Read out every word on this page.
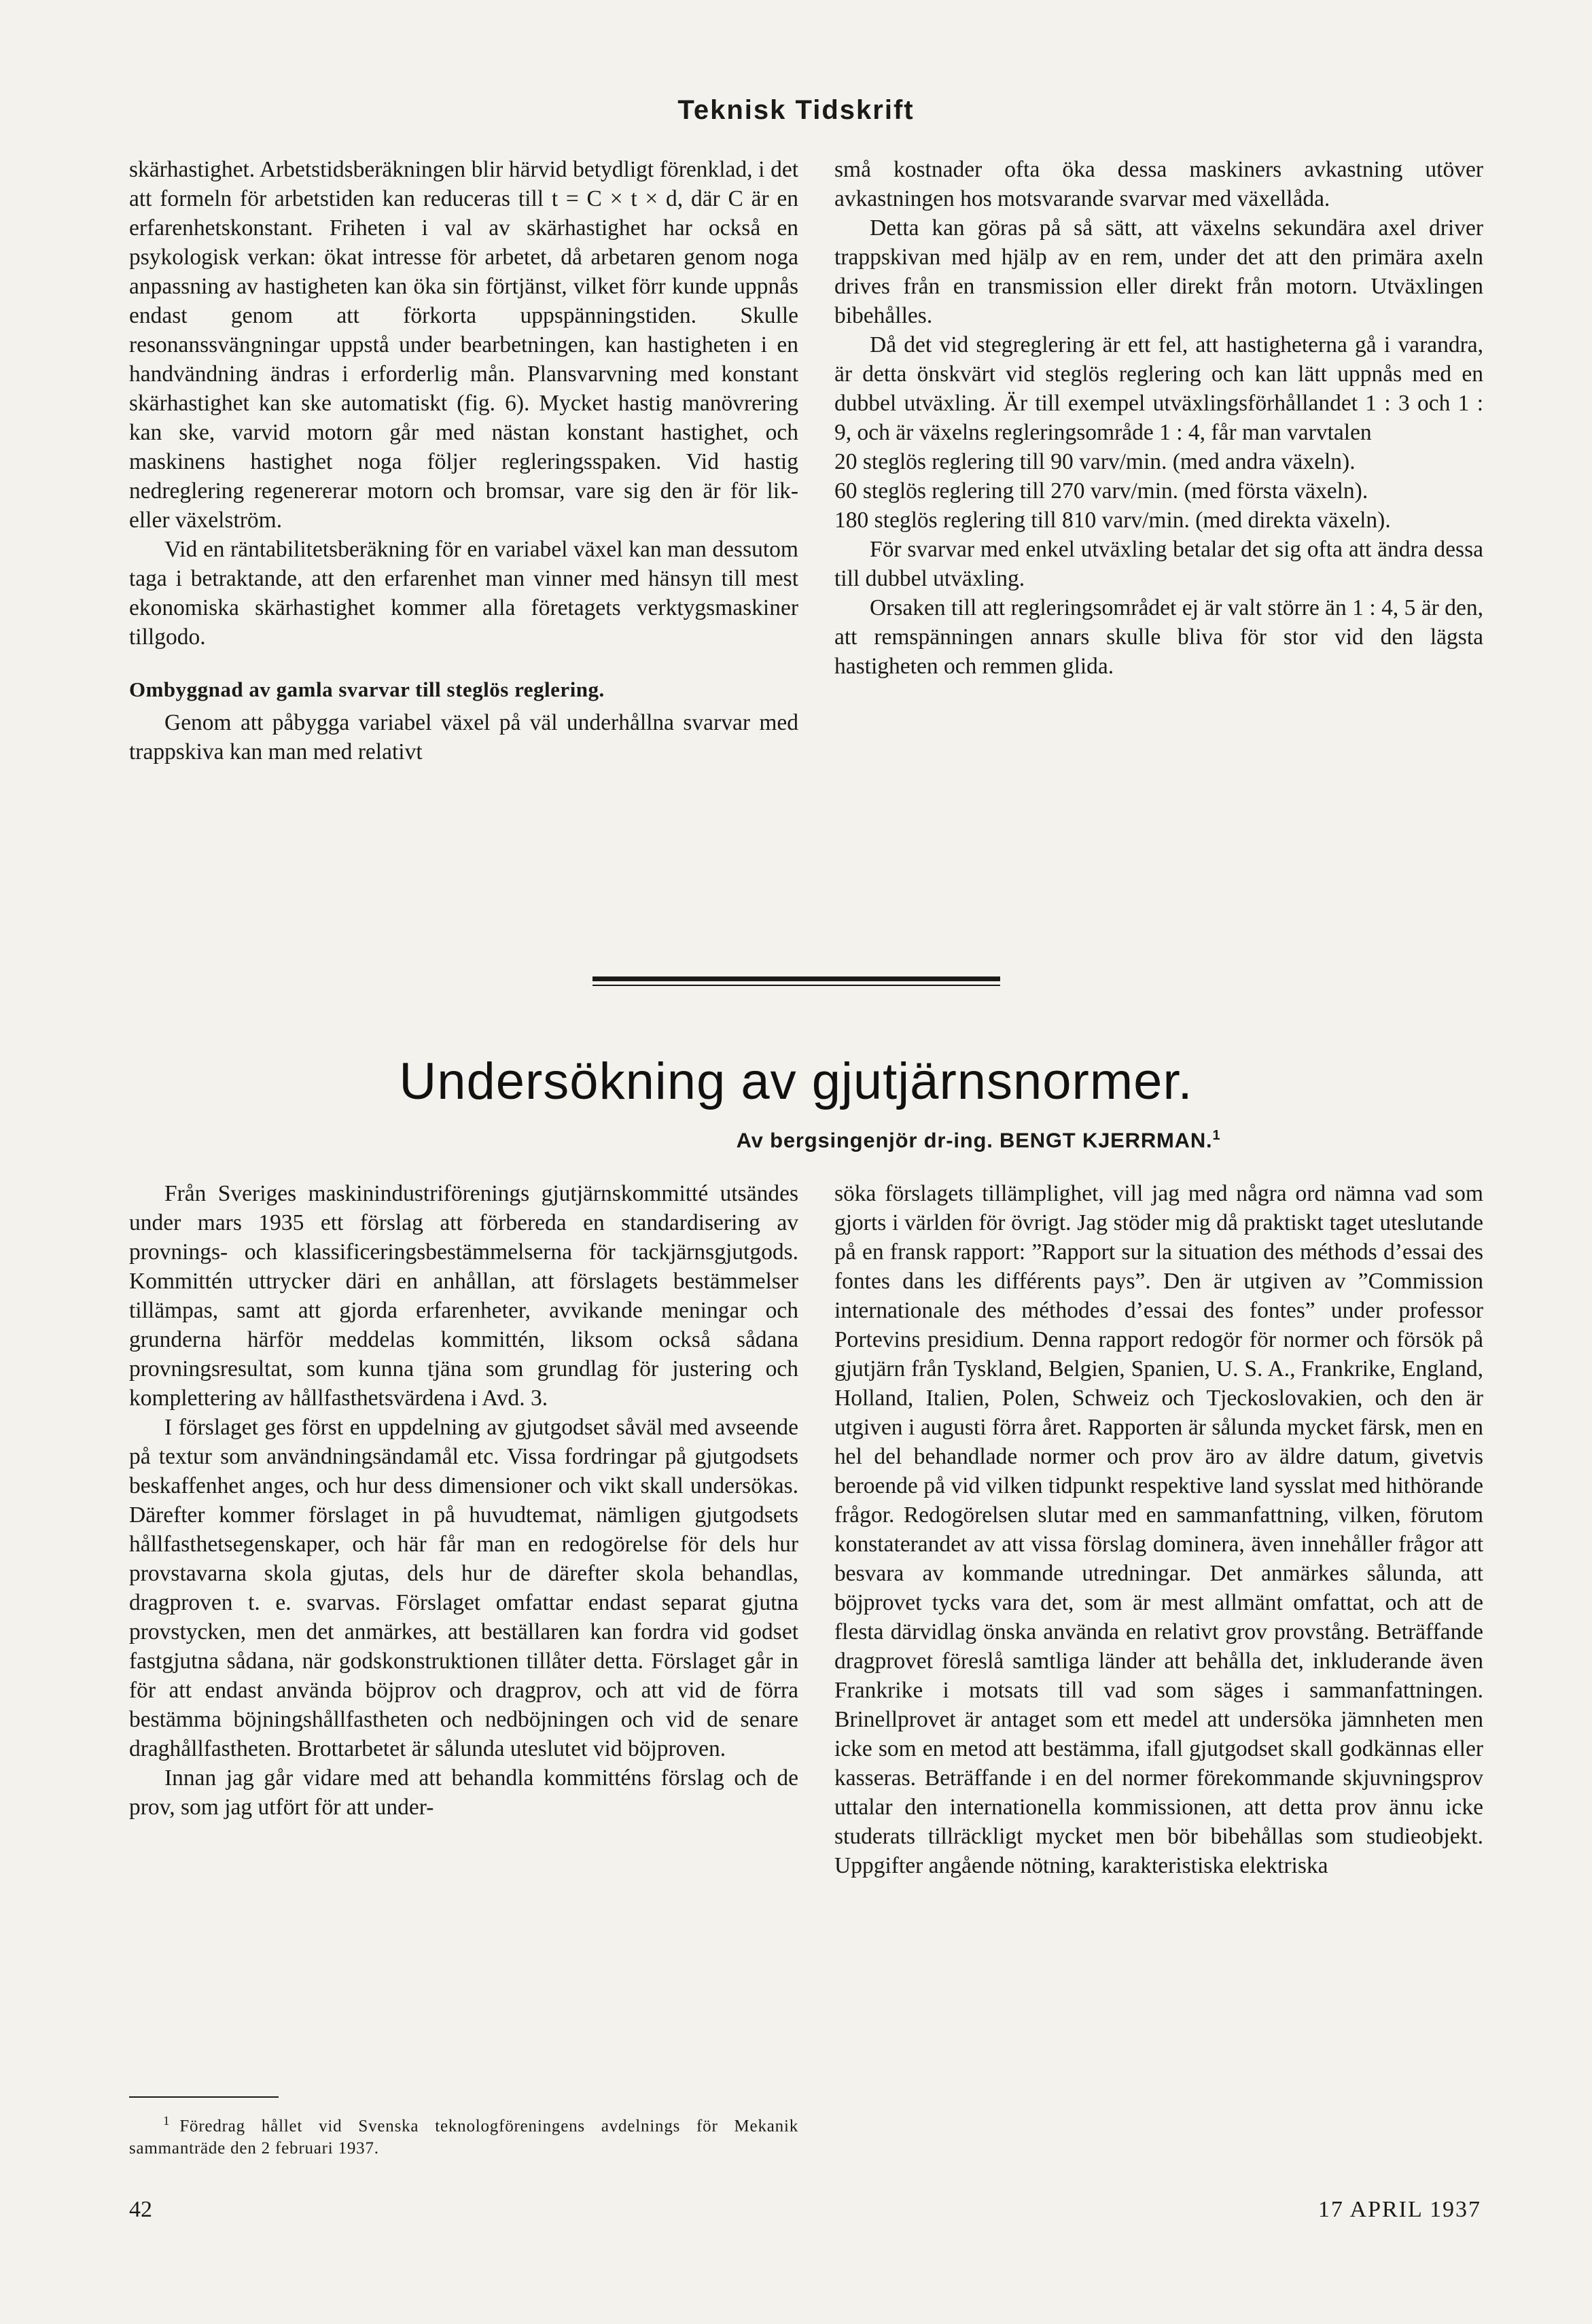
Teknisk Tidskrift

skärhastighet. Arbetstidsberäkningen blir härvid betydligt förenklad, i det att formeln för arbetstiden kan reduceras till t = C × t × d, där C är en erfarenhetskonstant. Friheten i val av skärhastighet har också en psykologisk verkan: ökat intresse för arbetet, då arbetaren genom noga anpassning av hastigheten kan öka sin förtjänst, vilket förr kunde uppnås endast genom att förkorta uppspänningstiden. Skulle resonanssvängningar uppstå under bearbetningen, kan hastigheten i en handvändning ändras i erforderlig mån. Plansvarvning med konstant skärhastighet kan ske automatiskt (fig. 6). Mycket hastig manövrering kan ske, varvid motorn går med nästan konstant hastighet, och maskinens hastighet noga följer regleringsspaken. Vid hastig nedreglering regenererar motorn och bromsar, vare sig den är för lik- eller växelström.

Vid en räntabilitetsberäkning för en variabel växel kan man dessutom taga i betraktande, att den erfarenhet man vinner med hänsyn till mest ekonomiska skärhastighet kommer alla företagets verktygsmaskiner tillgodo.

Ombyggnad av gamla svarvar till steglös reglering.

Genom att påbygga variabel växel på väl underhållna svarvar med trappskiva kan man med relativt

små kostnader ofta öka dessa maskiners avkastning utöver avkastningen hos motsvarande svarvar med växellåda.

Detta kan göras på så sätt, att växelns sekundära axel driver trappskivan med hjälp av en rem, under det att den primära axeln drives från en transmission eller direkt från motorn. Utväxlingen bibehålles.

Då det vid stegreglering är ett fel, att hastigheterna gå i varandra, är detta önskvärt vid steglös reglering och kan lätt uppnås med en dubbel utväxling. Är till exempel utväxlingsförhållandet 1 : 3 och 1 : 9, och är växelns regleringsområde 1 : 4, får man varvtalen

20 steglös reglering till 90 varv/min. (med andra växeln).

60 steglös reglering till 270 varv/min. (med första växeln).

180 steglös reglering till 810 varv/min. (med direkta växeln).

För svarvar med enkel utväxling betalar det sig ofta att ändra dessa till dubbel utväxling.

Orsaken till att regleringsområdet ej är valt större än 1 : 4, 5 är den, att remspänningen annars skulle bliva för stor vid den lägsta hastigheten och remmen glida.

Undersökning av gjutjärnsnormer.
Av bergsingenjör dr-ing. BENGT KJERRMAN.$^1$

Från Sveriges maskinindustriförenings gjutjärnskommitté utsändes under mars 1935 ett förslag att förbereda en standardisering av provnings- och klassificeringsbestämmelserna för tackjärnsgjutgods. Kommittén uttrycker däri en anhållan, att förslagets bestämmelser tillämpas, samt att gjorda erfarenheter, avvikande meningar och grunderna härför meddelas kommittén, liksom också sådana provningsresultat, som kunna tjäna som grundlag för justering och komplettering av hållfasthetsvärdena i Avd. 3.

I förslaget ges först en uppdelning av gjutgodset såväl med avseende på textur som användningsändamål etc. Vissa fordringar på gjutgodsets beskaffenhet anges, och hur dess dimensioner och vikt skall undersökas. Därefter kommer förslaget in på huvudtemat, nämligen gjutgodsets hållfasthetsegenskaper, och här får man en redogörelse för dels hur provstavarna skola gjutas, dels hur de därefter skola behandlas, dragproven t. e. svarvas. Förslaget omfattar endast separat gjutna provstycken, men det anmärkes, att beställaren kan fordra vid godset fastgjutna sådana, när godskonstruktionen tillåter detta. Förslaget går in för att endast använda böjprov och dragprov, och att vid de förra bestämma böjningshållfastheten och nedböjningen och vid de senare draghållfastheten. Brottarbetet är sålunda uteslutet vid böjproven.

Innan jag går vidare med att behandla kommitténs förslag och de prov, som jag utfört för att under-

söka förslagets tillämplighet, vill jag med några ord nämna vad som gjorts i världen för övrigt. Jag stöder mig då praktiskt taget uteslutande på en fransk rapport: ”Rapport sur la situation des méthods d’essai des fontes dans les différents pays”. Den är utgiven av ”Commission internationale des méthodes d’essai des fontes” under professor Portevins presidium. Denna rapport redogör för normer och försök på gjutjärn från Tyskland, Belgien, Spanien, U. S. A., Frankrike, England, Holland, Italien, Polen, Schweiz och Tjeckoslovakien, och den är utgiven i augusti förra året. Rapporten är sålunda mycket färsk, men en hel del behandlade normer och prov äro av äldre datum, givetvis beroende på vid vilken tidpunkt respektive land sysslat med hithörande frågor. Redogörelsen slutar med en sammanfattning, vilken, förutom konstaterandet av att vissa förslag dominera, även innehåller frågor att besvara av kommande utredningar. Det anmärkes sålunda, att böjprovet tycks vara det, som är mest allmänt omfattat, och att de flesta därvidlag önska använda en relativt grov provstång. Beträffande dragprovet föreslå samtliga länder att behålla det, inkluderande även Frankrike i motsats till vad som säges i sammanfattningen. Brinellprovet är antaget som ett medel att undersöka jämnheten men icke som en metod att bestämma, ifall gjutgodset skall godkännas eller kasseras. Beträffande i en del normer förekommande skjuvningsprov uttalar den internationella kommissionen, att detta prov ännu icke studerats tillräckligt mycket men bör bibehållas som studieobjekt. Uppgifter angående nötning, karakteristiska elektriska

$^1$ Föredrag hållet vid Svenska teknologföreningens avdelnings för Mekanik sammanträde den 2 februari 1937.
42	17 APRIL 1937
